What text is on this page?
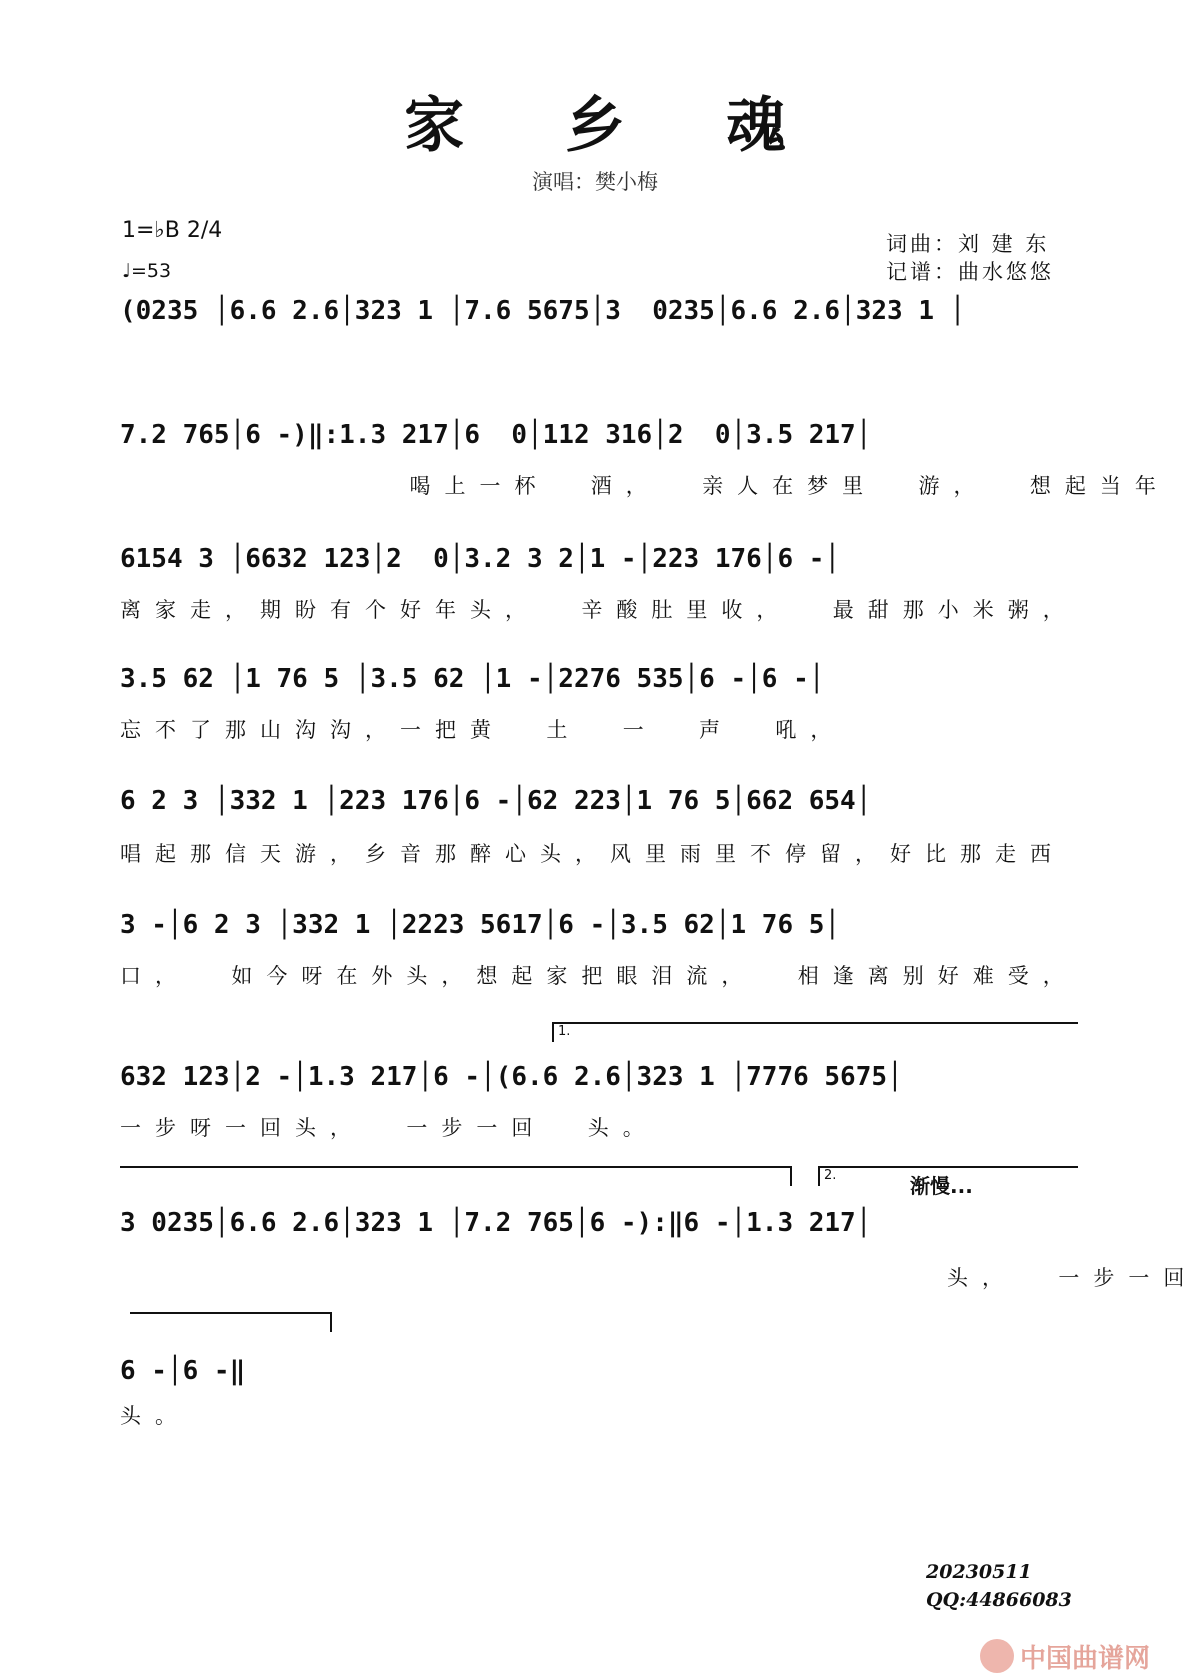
家 乡 魂
演唱：樊小梅
1=♭B 2/4
♩=53
词曲：刘 建 东
记谱：曲水悠悠
(0235 │6.6 2.6│323 1 │7.6 5675│3  0235│6.6 2.6│323 1 │
7.2 765│6 -)‖:1.3 217│6  0│112 316│2  0│3.5 217│
喝上一杯  酒，  亲人在梦里  游，  想起当年
6154 3 │6632 123│2  0│3.2 3 2│1 -│223 176│6 -│
离家走，期盼有个好年头，  辛酸肚里收，  最甜那小米粥，
3.5 62 │1 76 5 │3.5 62 │1 -│2276 535│6 -│6 -│
忘不了那山沟沟，一把黄  土  一  声  吼，
6 2 3 │332 1 │223 176│6 -│62 223│1 76 5│662 654│
唱起那信天游，乡音那醉心头，风里雨里不停留，好比那走西
3 -│6 2 3 │332 1 │2223 5617│6 -│3.5 62│1 76 5│
口，  如今呀在外头，想起家把眼泪流，  相逢离别好难受，
1.
632 123│2 -│1.3 217│6 -│(6.6 2.6│323 1 │7776 5675│
一步呀一回头，  一步一回  头。
2.	渐慢...
3 0235│6.6 2.6│323 1 │7.2 765│6 -):‖6 -│1.3 217│
头，  一步一回
6 -│6 -‖
头。
20230511
QQ:44866083
中国曲谱网
